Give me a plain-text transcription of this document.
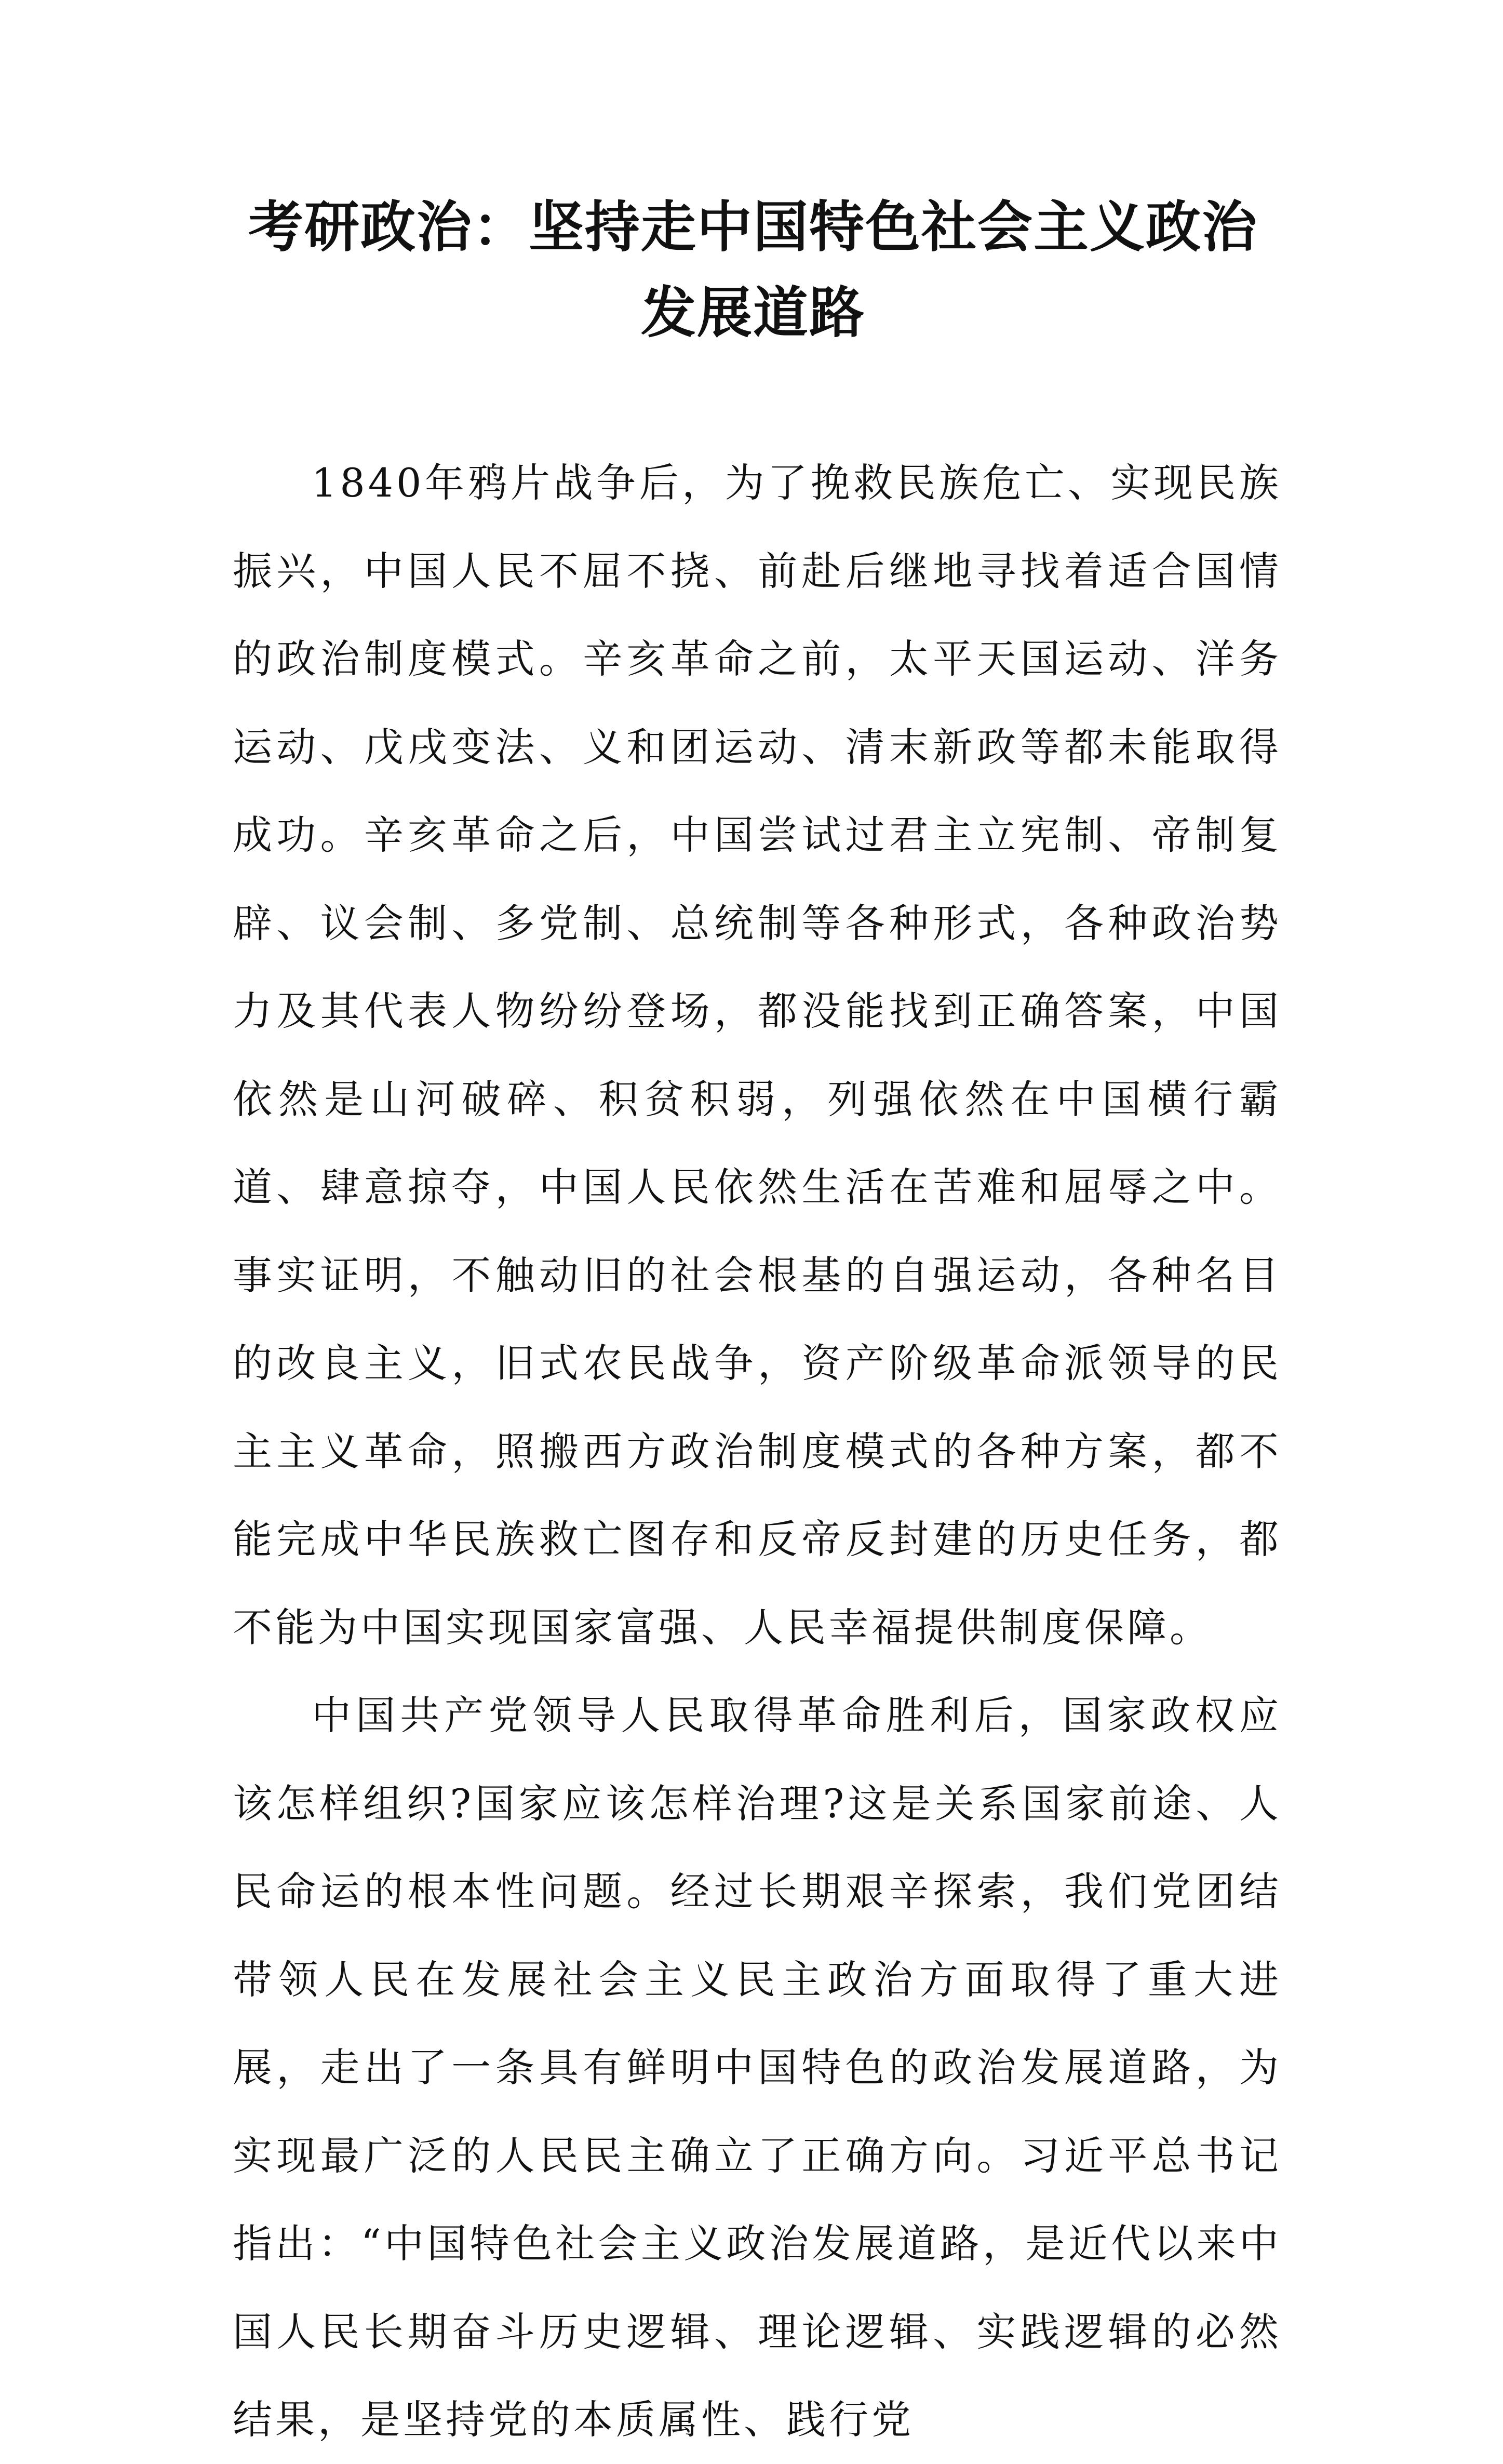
考研政治：坚持走中国特色社会主义政治发展道路

1840年鸦片战争后，为了挽救民族危亡、实现民族振兴，中国人民不屈不挠、前赴后继地寻找着适合国情的政治制度模式。辛亥革命之前，太平天国运动、洋务运动、戊戌变法、义和团运动、清末新政等都未能取得成功。辛亥革命之后，中国尝试过君主立宪制、帝制复辟、议会制、多党制、总统制等各种形式，各种政治势力及其代表人物纷纷登场，都没能找到正确答案，中国依然是山河破碎、积贫积弱，列强依然在中国横行霸道、肆意掠夺，中国人民依然生活在苦难和屈辱之中。事实证明，不触动旧的社会根基的自强运动，各种名目的改良主义，旧式农民战争，资产阶级革命派领导的民主主义革命，照搬西方政治制度模式的各种方案，都不能完成中华民族救亡图存和反帝反封建的历史任务，都不能为中国实现国家富强、人民幸福提供制度保障。

中国共产党领导人民取得革命胜利后，国家政权应该怎样组织?国家应该怎样治理?这是关系国家前途、人民命运的根本性问题。经过长期艰辛探索，我们党团结带领人民在发展社会主义民主政治方面取得了重大进展，走出了一条具有鲜明中国特色的政治发展道路，为实现最广泛的人民民主确立了正确方向。习近平总书记指出：“中国特色社会主义政治发展道路，是近代以来中国人民长期奋斗历史逻辑、理论逻辑、实践逻辑的必然结果，是坚持党的本质属性、践行党
